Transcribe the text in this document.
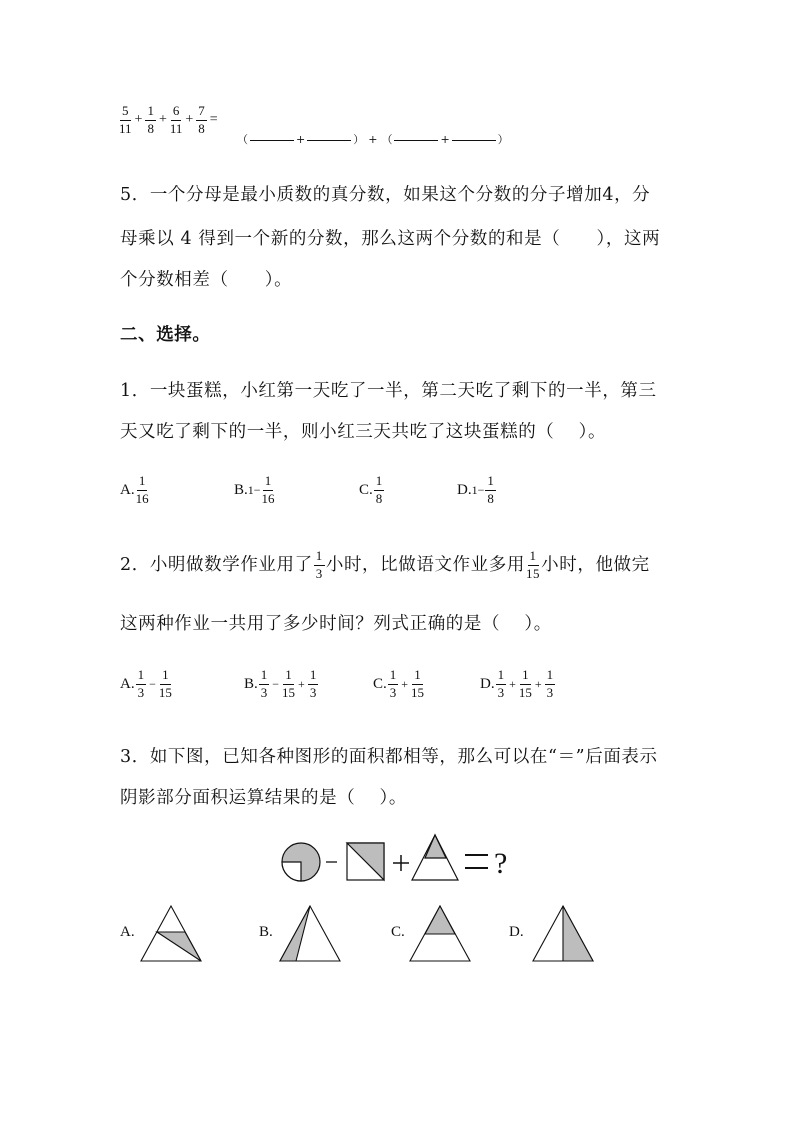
$\frac{5}{11} + \frac{1}{8} + \frac{6}{11} + \frac{7}{8}$ =
（	+	） + （	+	）
5．一个分母是最小质数的真分数，如果这个分数的分子增加4，分
母乘以 4 得到一个新的分数，那么这两个分数的和是（　　），这两
个分数相差（　　）。
二、选择。
1．一块蛋糕，小红第一天吃了一半，第二天吃了剩下的一半，第三
天又吃了剩下的一半，则小红三天共吃了这块蛋糕的（　 ）。
A. $\frac{1}{16}$	$B.1- \frac{1}{16}$	C. $\frac{1}{8}$	$D.1- \frac{1}{8}$
2．小明做数学作业用了 $\frac{1}{3}$ 小时，比做语文作业多用 $\frac{1}{15}$ 小时，他做完
这两种作业一共用了多少时间？列式正确的是（　 ）。
A. $\frac{1}{3} - \frac{1}{15}$	B. $\frac{1}{3} - \frac{1}{15} + \frac{1}{3}$	C. $\frac{1}{3} + \frac{1}{15}$	D. $\frac{1}{3} + \frac{1}{15} + \frac{1}{3}$
3．如下图，已知各种图形的面积都相等，那么可以在“＝”后面表示
阴影部分面积运算结果的是（　 ）。
?
A.	B.	C.	D.
